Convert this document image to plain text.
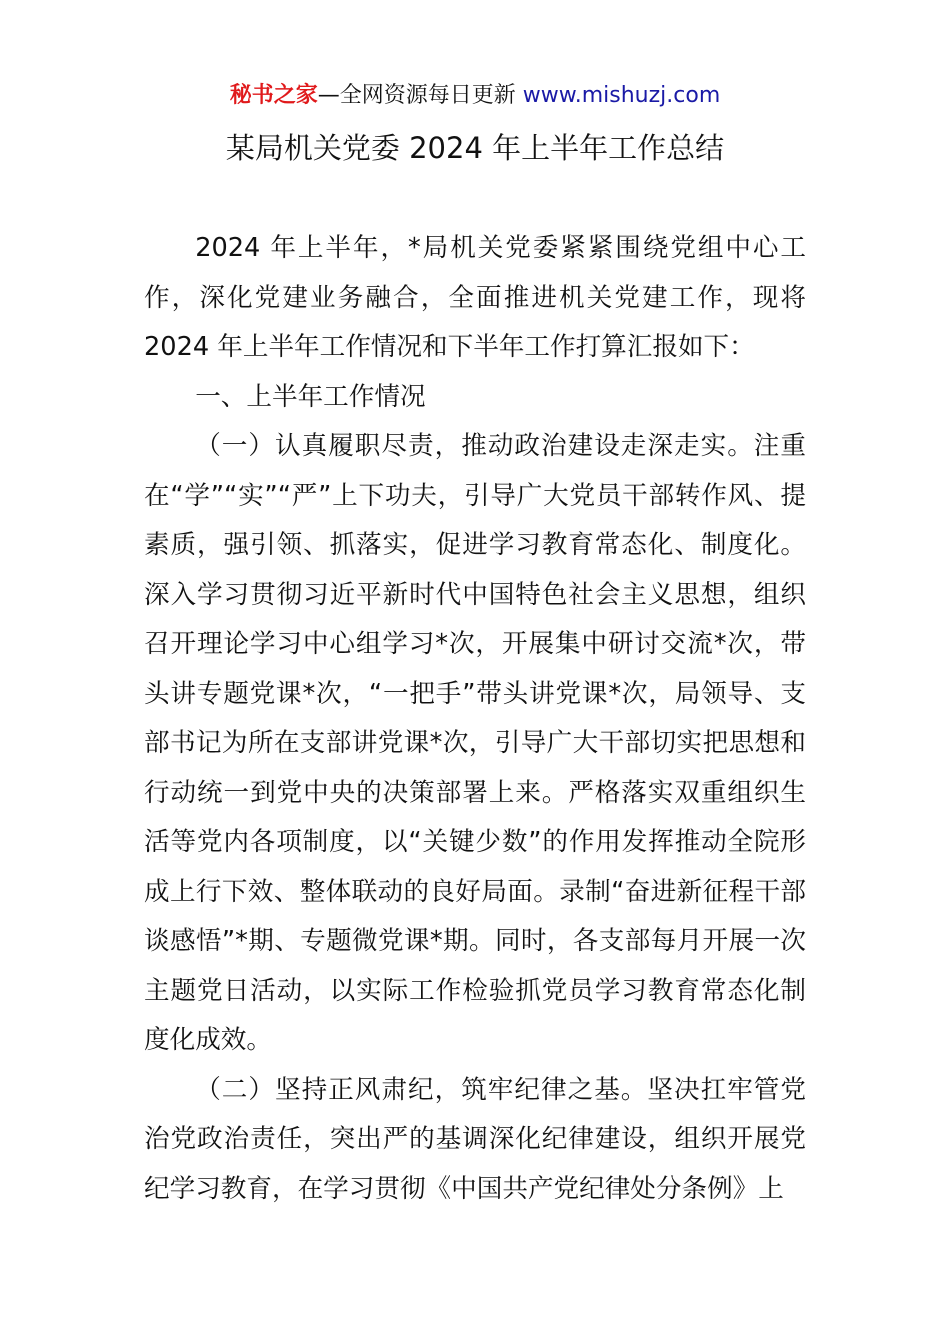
秘书之家—全网资源每日更新 www.mishuzj.com
某局机关党委 2024 年上半年工作总结

2024 年上半年，*局机关党委紧紧围绕党组中心工作，深化党建业务融合，全面推进机关党建工作，现将 2024 年上半年工作情况和下半年工作打算汇报如下：

一、上半年工作情况

（一）认真履职尽责，推动政治建设走深走实。注重在“学”“实”“严”上下功夫，引导广大党员干部转作风、提素质，强引领、抓落实，促进学习教育常态化、制度化。深入学习贯彻习近平新时代中国特色社会主义思想，组织召开理论学习中心组学习*次，开展集中研讨交流*次，带头讲专题党课*次，“一把手”带头讲党课*次，局领导、支部书记为所在支部讲党课*次，引导广大干部切实把思想和行动统一到党中央的决策部署上来。严格落实双重组织生活等党内各项制度，以“关键少数”的作用发挥推动全院形成上行下效、整体联动的良好局面。录制“奋进新征程干部谈感悟”*期、专题微党课*期。同时，各支部每月开展一次主题党日活动，以实际工作检验抓党员学习教育常态化制度化成效。

（二）坚持正风肃纪，筑牢纪律之基。坚决扛牢管党治党政治责任，突出严的基调深化纪律建设，组织开展党纪学习教育，在学习贯彻《中国共产党纪律处分条例》上
